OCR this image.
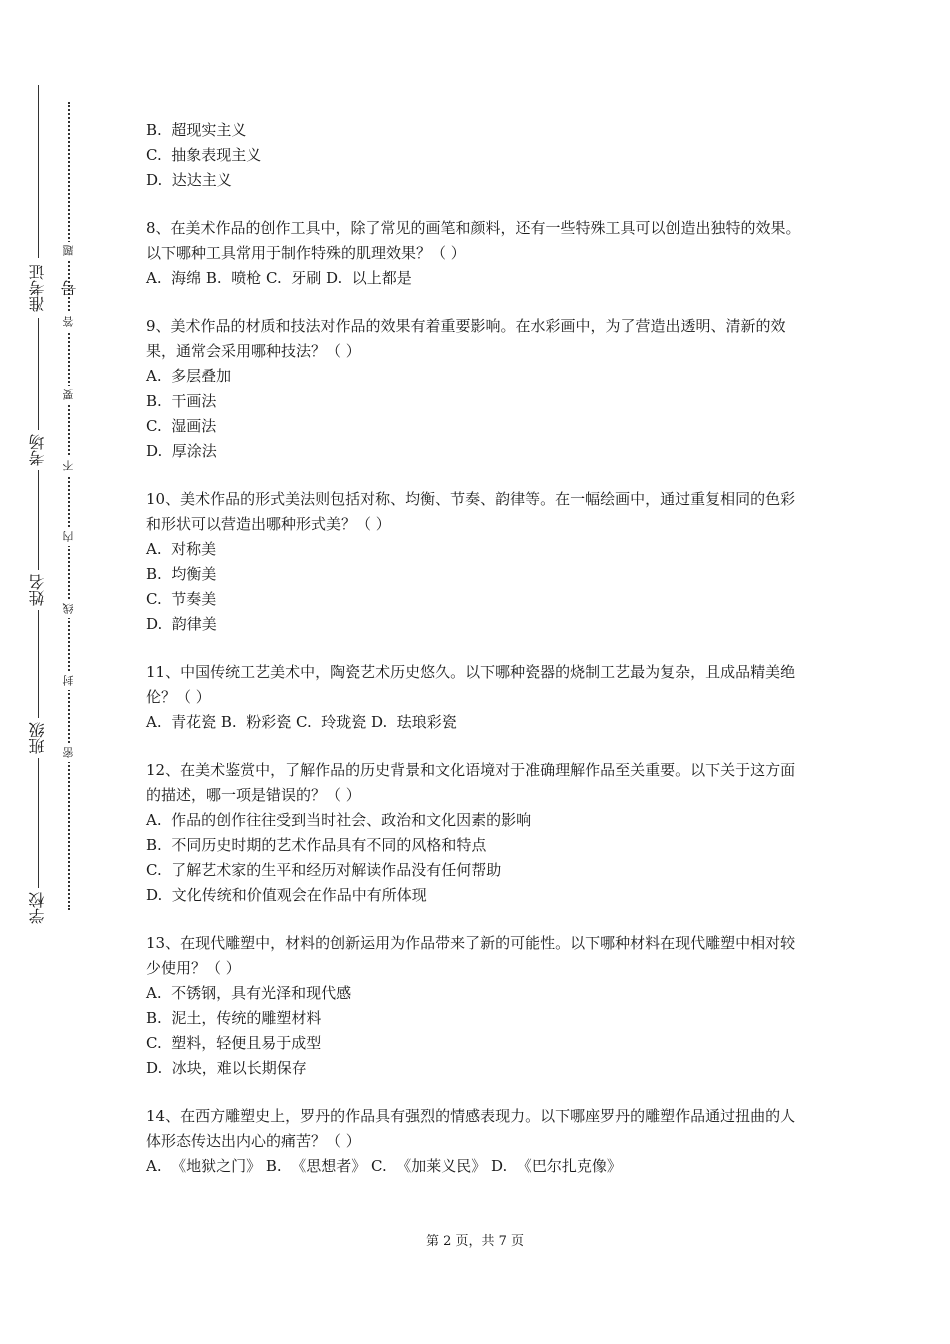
准考证号
考场
姓名
班级
学校
题
答
要
不
内
线
封
密

B.  超现实主义

C.  抽象表现主义

D.  达达主义

8、在美术作品的创作工具中，除了常见的画笔和颜料，还有一些特殊工具可以创造出独特的效果。以下哪种工具常用于制作特殊的肌理效果？（ ）

A.  海绵 B.  喷枪 C.  牙刷 D.  以上都是

9、美术作品的材质和技法对作品的效果有着重要影响。在水彩画中，为了营造出透明、清新的效果，通常会采用哪种技法？（ ）

A.  多层叠加

B.  干画法

C.  湿画法

D.  厚涂法

10、美术作品的形式美法则包括对称、均衡、节奏、韵律等。在一幅绘画中，通过重复相同的色彩和形状可以营造出哪种形式美？（ ）

A.  对称美

B.  均衡美

C.  节奏美

D.  韵律美

11、中国传统工艺美术中，陶瓷艺术历史悠久。以下哪种瓷器的烧制工艺最为复杂，且成品精美绝伦？（ ）

A.  青花瓷 B.  粉彩瓷 C.  玲珑瓷 D.  珐琅彩瓷

12、在美术鉴赏中，了解作品的历史背景和文化语境对于准确理解作品至关重要。以下关于这方面的描述，哪一项是错误的？（ ）

A.  作品的创作往往受到当时社会、政治和文化因素的影响

B.  不同历史时期的艺术作品具有不同的风格和特点

C.  了解艺术家的生平和经历对解读作品没有任何帮助

D.  文化传统和价值观会在作品中有所体现

13、在现代雕塑中，材料的创新运用为作品带来了新的可能性。以下哪种材料在现代雕塑中相对较少使用？（ ）

A.  不锈钢，具有光泽和现代感

B.  泥土，传统的雕塑材料

C.  塑料，轻便且易于成型

D.  冰块，难以长期保存

14、在西方雕塑史上，罗丹的作品具有强烈的情感表现力。以下哪座罗丹的雕塑作品通过扭曲的人体形态传达出内心的痛苦？（ ）

A.  《地狱之门》 B.  《思想者》 C.  《加莱义民》 D.  《巴尔扎克像》

第 2 页，共 7 页
